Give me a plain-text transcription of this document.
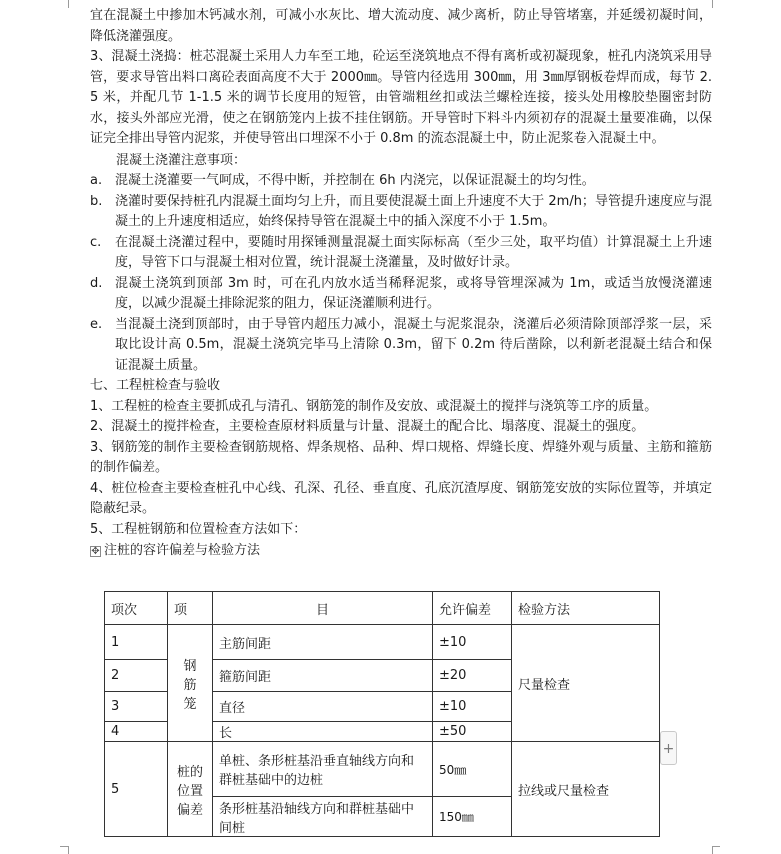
宜在混凝土中掺加木钙减水剂，可减小水灰比、增大流动度、减少离析，防止导管堵塞，并延缓初凝时间，降低浇灌强度。

3、混凝土浇捣：桩芯混凝土采用人力车至工地，砼运至浇筑地点不得有离析或初凝现象，桩孔内浇筑采用导管，要求导管出料口离砼表面高度不大于 2000㎜。导管内径选用 300㎜，用 3㎜厚钢板卷焊而成，每节 2.5 米，并配几节 1-1.5 米的调节长度用的短管，由管端粗丝扣或法兰螺栓连接，接头处用橡胶垫圈密封防水，接头外部应光滑，使之在钢筋笼内上拔不挂住钢筋。开导管时下料斗内须初存的混凝土量要准确，以保证完全排出导管内泥浆，并使导管出口埋深不小于 0.8m 的流态混凝土中，防止泥浆卷入混凝土中。

混凝土浇灌注意事项：

a. 混凝土浇灌要一气呵成，不得中断，并控制在 6h 内浇完，以保证混凝土的均匀性。
b. 浇灌时要保持桩孔内混凝土面均匀上升，而且要使混凝土面上升速度不大于 2m/h；导管提升速度应与混凝土的上升速度相适应，始终保持导管在混凝土中的插入深度不小于 1.5m。
c.	在混凝土浇灌过程中，要随时用探锤测量混凝土面实际标高（至少三处，取平均值）计算混凝土上升速度，导管下口与混凝土相对位置，统计混凝土浇灌量，及时做好计录。
d. 混凝土浇筑到顶部 3m 时，可在孔内放水适当稀释泥浆，或将导管埋深减为 1m，或适当放慢浇灌速度，以减少混凝土排除泥浆的阻力，保证浇灌顺利进行。
e. 当混凝土浇到顶部时，由于导管内超压力减小，混凝土与泥浆混杂，浇灌后必须清除顶部浮浆一层，采取比设计高 0.5m，混凝土浇筑完毕马上清除 0.3m，留下 0.2m 待后凿除，以利新老混凝土结合和保证混凝土质量。
七、工程桩检查与验收

1、工程桩的检查主要抓成孔与清孔、钢筋笼的制作及安放、或混凝土的搅拌与浇筑等工序的质量。

2、混凝土的搅拌检查，主要检查原材料质量与计量、混凝土的配合比、塌落度、混凝土的强度。

3、钢筋笼的制作主要检查钢筋规格、焊条规格、品种、焊口规格、焊缝长度、焊缝外观与质量、主筋和箍筋的制作偏差。

4、桩位检查主要检查桩孔中心线、孔深、孔径、垂直度、孔底沉渣厚度、钢筋笼安放的实际位置等，并填定隐蔽纪录。

5、工程桩钢筋和位置检查方法如下：

✥ 注桩的容许偏差与检验方法
项次	项	目	允许偏差	检验方法
1	钢
筋
笼	主筋间距	±10	尺量检查
2		箍筋间距	±20	
3		直径	±10	
4		长	±50	
5	桩的
位置
偏差	单桩、条形桩基沿垂直轴线方向和群桩基础中的边桩	50㎜	拉线或尺量检查
		条形桩基沿轴线方向和群桩基础中间桩	150㎜	
+
